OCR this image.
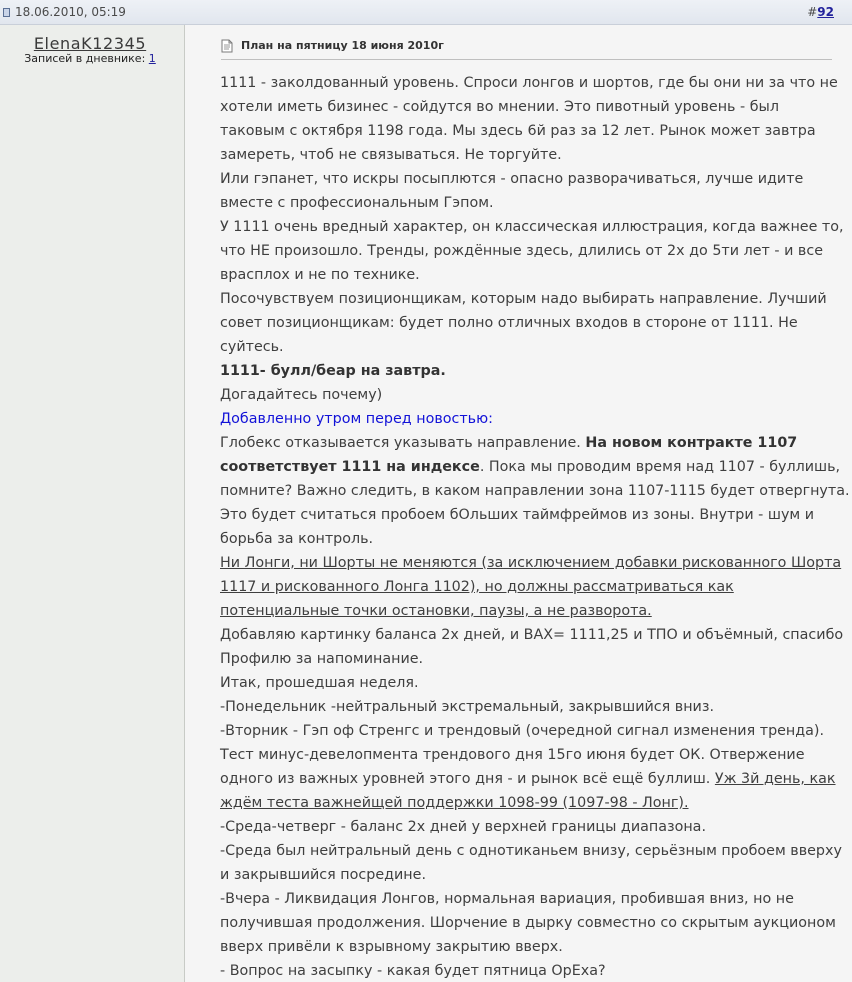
18.06.2010, 05:19	#92
ElenaK12345
Записей в дневнике: 1
План на пятницу 18 июня 2010г
1111 - заколдованный уровень. Спроси лонгов и шортов, где бы они ни за что не
хотели иметь бизинес - сойдутся во мнении. Это пивотный уровень - был
таковым с октября 1198 года. Мы здесь 6й раз за 12 лет. Рынок может завтра
замереть, чтоб не связываться. Не торгуйте.
Или гэпанет, что искры посыплются - опасно разворачиваться, лучше идите
вместе с профессиональным Гэпом.
У 1111 очень вредный характер, он классическая иллюстрация, когда важнее то,
что НЕ произошло. Тренды, рождённые здесь, длились от 2х до 5ти лет - и все
врасплох и не по технике.
Посочувствуем позиционщикам, которым надо выбирать направление. Лучший
совет позиционщикам: будет полно отличных входов в стороне от 1111. Не
суйтесь.
1111- булл/беар на завтра.
Догадайтесь почему)
Добавленно утром перед новостью:
Глобекс отказывается указывать направление. На новом контракте 1107
соответствует 1111 на индексе. Пока мы проводим время над 1107 - буллишь,
помните? Важно следить, в каком направлении зона 1107-1115 будет отвергнута.
Это будет считаться пробоем бОльших таймфреймов из зоны. Внутри - шум и
борьба за контроль.
Ни Лонги, ни Шорты не меняются (за исключением добавки рискованного Шорта
1117 и рискованного Лонга 1102), но должны рассматриваться как
потенциальные точки остановки, паузы, а не разворота.
Добавляю картинку баланса 2х дней, и ВАХ= 1111,25 и ТПО и объёмный, спасибо
Профилю за напоминание.
Итак, прошедшая неделя.
-Понедельник -нейтральный экстремальный, закрывшийся вниз.
-Вторник - Гэп оф Стренгс и трендовый (очередной сигнал изменения тренда).
Тест минус-девелопмента трендового дня 15го июня будет ОК. Отвержение
одного из важных уровней этого дня - и рынок всё ещё буллиш. Уж 3й день, как
ждём теста важнейщей поддержки 1098-99 (1097-98 - Лонг).
-Среда-четверг - баланс 2х дней у верхней границы диапазона.
-Среда был нейтральный день с однотиканьем внизу, серьёзным пробоем вверху
и закрывшийся посредине.
-Вчера - Ликвидация Лонгов, нормальная вариация, пробившая вниз, но не
получившая продолжения. Шорчение в дырку совместно со скрытым аукционом
вверх привёли к взрывному закрытию вверх.
- Вопрос на засыпку - какая будет пятница ОрЕха?
